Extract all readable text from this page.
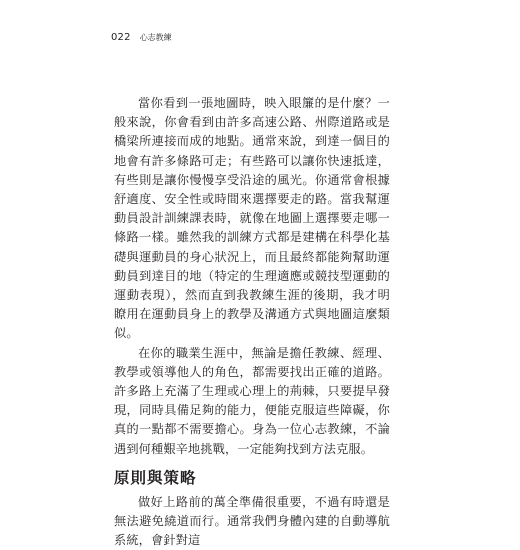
022 心志教練

當你看到一張地圖時，映入眼簾的是什麼？一般來說，你會看到由許多高速公路、州際道路或是橋梁所連接而成的地點。通常來說，到達一個目的地會有許多條路可走；有些路可以讓你快速抵達，有些則是讓你慢慢享受沿途的風光。你通常會根據舒適度、安全性或時間來選擇要走的路。當我幫運動員設計訓練課表時，就像在地圖上選擇要走哪一條路一樣。雖然我的訓練方式都是建構在科學化基礎與運動員的身心狀況上，而且最終都能夠幫助運動員到達目的地（特定的生理適應或競技型運動的運動表現），然而直到我教練生涯的後期，我才明瞭用在運動員身上的教學及溝通方式與地圖這麼類似。

在你的職業生涯中，無論是擔任教練、經理、教學或領導他人的角色，都需要找出正確的道路。許多路上充滿了生理或心理上的荊棘，只要提早發現，同時具備足夠的能力，便能克服這些障礙，你真的一點都不需要擔心。身為一位心志教練，不論遇到何種艱辛地挑戰，一定能夠找到方法克服。

原則與策略

做好上路前的萬全準備很重要，不過有時還是無法避免繞道而行。通常我們身體內建的自動導航系統，會針對這
